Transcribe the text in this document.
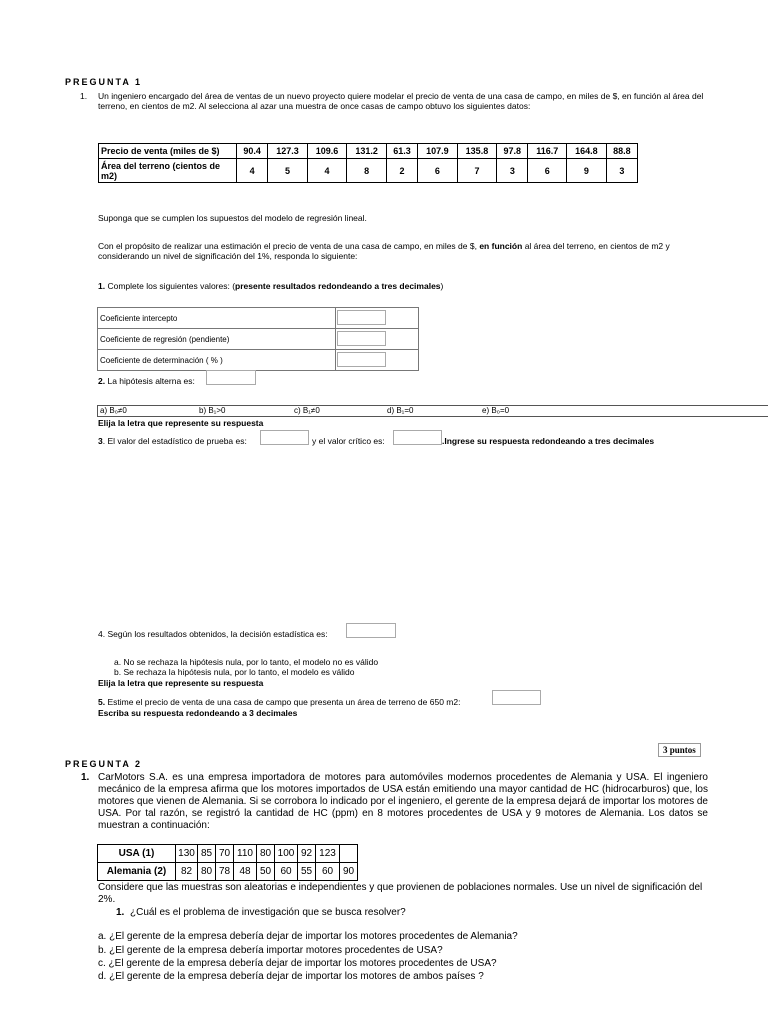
PREGUNTA 1
1. Un ingeniero encargado del área de ventas de un nuevo proyecto quiere modelar el precio de venta de una casa de campo, en miles de $, en función al área del terreno, en cientos de m2. Al selecciona al azar una muestra de once casas de campo obtuvo los siguientes datos:
Precio de venta (miles de $)	90.4	127.3	109.6	131.2	61.3	107.9	135.8	97.8	116.7	164.8	88.8
Área del terreno (cientos de m2)	4	5	4	8	2	6	7	3	6	9	3
Suponga que se cumplen los supuestos del modelo de regresión lineal.
Con el propósito de realizar una estimación el precio de venta de una casa de campo, en miles de $, en función al área del terreno, en cientos de m2 y considerando un nivel de significación del 1%, responda lo siguiente:
1. Complete los siguientes valores: (presente resultados redondeando a tres decimales)
Coeficiente intercepto	
Coeficiente de regresión (pendiente)	
Coeficiente de determinación ( % )	
2. La hipótesis alterna es:
a) B₀≠0	b) B₁>0	c) B₁≠0	d) B₁=0	e) B₀=0
Elija la letra que represente su respuesta
3. El valor del estadístico de prueba es:	y el valor crítico es:	.Ingrese su respuesta redondeando a tres decimales
4. Según los resultados obtenidos, la decisión estadística es:
a. No se rechaza la hipótesis nula, por lo tanto, el modelo no es válido
b. Se rechaza la hipótesis nula, por lo tanto, el modelo es válido
Elija la letra que represente su respuesta
5. Estime el precio de venta de una casa de campo que presenta un área de terreno de 650 m2:
Escriba su respuesta redondeando a 3 decimales
3 puntos
PREGUNTA 2
1. CarMotors S.A. es una empresa importadora de motores para automóviles modernos procedentes de Alemania y USA. El ingeniero mecánico de la empresa afirma que los motores importados de USA están emitiendo una mayor cantidad de HC (hidrocarburos) que, los motores que vienen de Alemania. Si se corrobora lo indicado por el ingeniero, el gerente de la empresa dejará de importar los motores de USA. Por tal razón, se registró la cantidad de HC (ppm) en 8 motores procedentes de USA y 9 motores de Alemania. Los datos se muestran a continuación:
USA (1)	130	85	70	110	80	100	92	123	
Alemania (2)	82	80	78	48	50	60	55	60	90
Considere que las muestras son aleatorias e independientes y que provienen de poblaciones normales. Use un nivel de significación del 2%.
1. ¿Cuál es el problema de investigación que se busca resolver?
a. ¿El gerente de la empresa debería dejar de importar los motores procedentes de Alemania?
b. ¿El gerente de la empresa debería importar motores procedentes de USA?
c. ¿El gerente de la empresa debería dejar de importar los motores procedentes de USA?
d. ¿El gerente de la empresa debería dejar de importar los motores de ambos países ?
